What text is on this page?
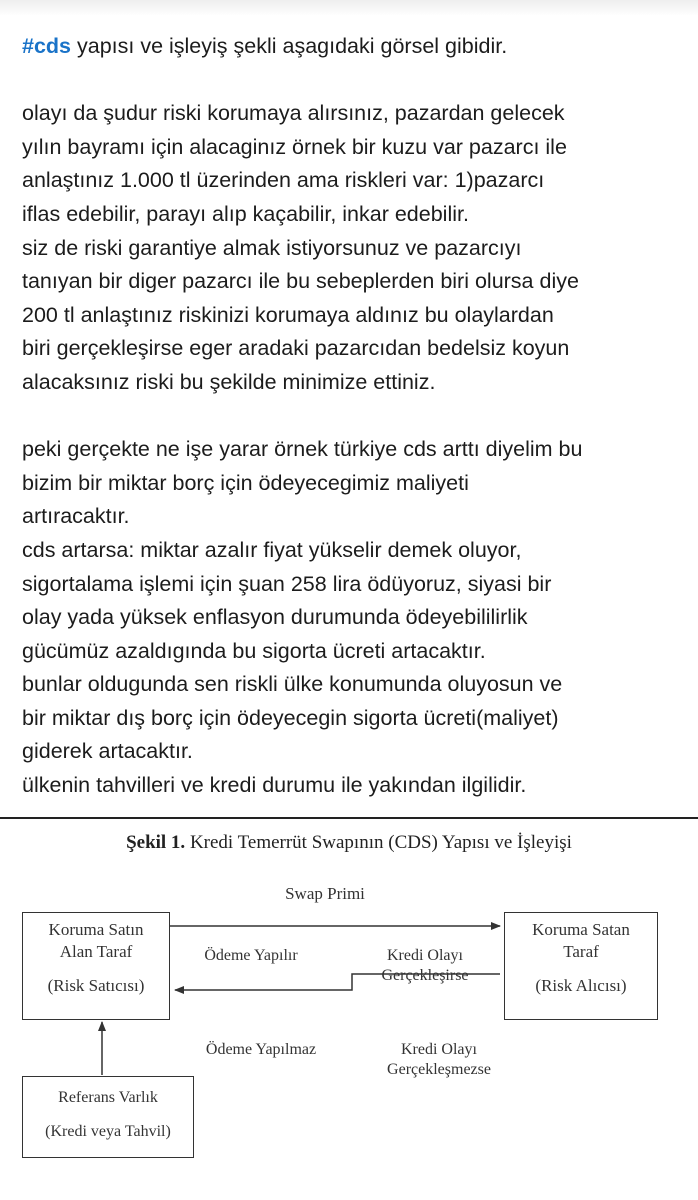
#cds yapısı ve işleyiş şekli aşagıdaki görsel gibidir.

olayı da şudur riski korumaya alırsınız, pazardan gelecek

yılın bayramı için alacaginız örnek bir kuzu var pazarcı ile

anlaştınız 1.000 tl üzerinden ama riskleri var: 1)pazarcı

iflas edebilir, parayı alıp kaçabilir, inkar edebilir.

siz de riski garantiye almak istiyorsunuz ve pazarcıyı

tanıyan bir diger pazarcı ile bu sebeplerden biri olursa diye

200 tl anlaştınız riskinizi korumaya aldınız bu olaylardan

biri gerçekleşirse eger aradaki pazarcıdan bedelsiz koyun

alacaksınız riski bu şekilde minimize ettiniz.

peki gerçekte ne işe yarar örnek türkiye cds arttı diyelim bu

bizim bir miktar borç için ödeyecegimiz maliyeti

artıracaktır.

cds artarsa: miktar azalır fiyat yükselir demek oluyor,

sigortalama işlemi için şuan 258 lira ödüyoruz, siyasi bir

olay yada yüksek enflasyon durumunda ödeyebililirlik

gücümüz azaldıgında bu sigorta ücreti artacaktır.

bunlar oldugunda sen riskli ülke konumunda oluyosun ve

bir miktar dış borç için ödeyecegin sigorta ücreti(maliyet)

giderek artacaktır.

ülkenin tahvilleri ve kredi durumu ile yakından ilgilidir.

Şekil 1. Kredi Temerrüt Swapının (CDS) Yapısı ve İşleyişi
Koruma Satın
Alan Taraf
(Risk Satıcısı)
Koruma Satan
Taraf
(Risk Alıcısı)
Referans Varlık
(Kredi veya Tahvil)
Swap Primi
Ödeme Yapılır	Kredi Olayı
Gerçekleşirse
Ödeme Yapılmaz	Kredi Olayı
Gerçekleşmezse
